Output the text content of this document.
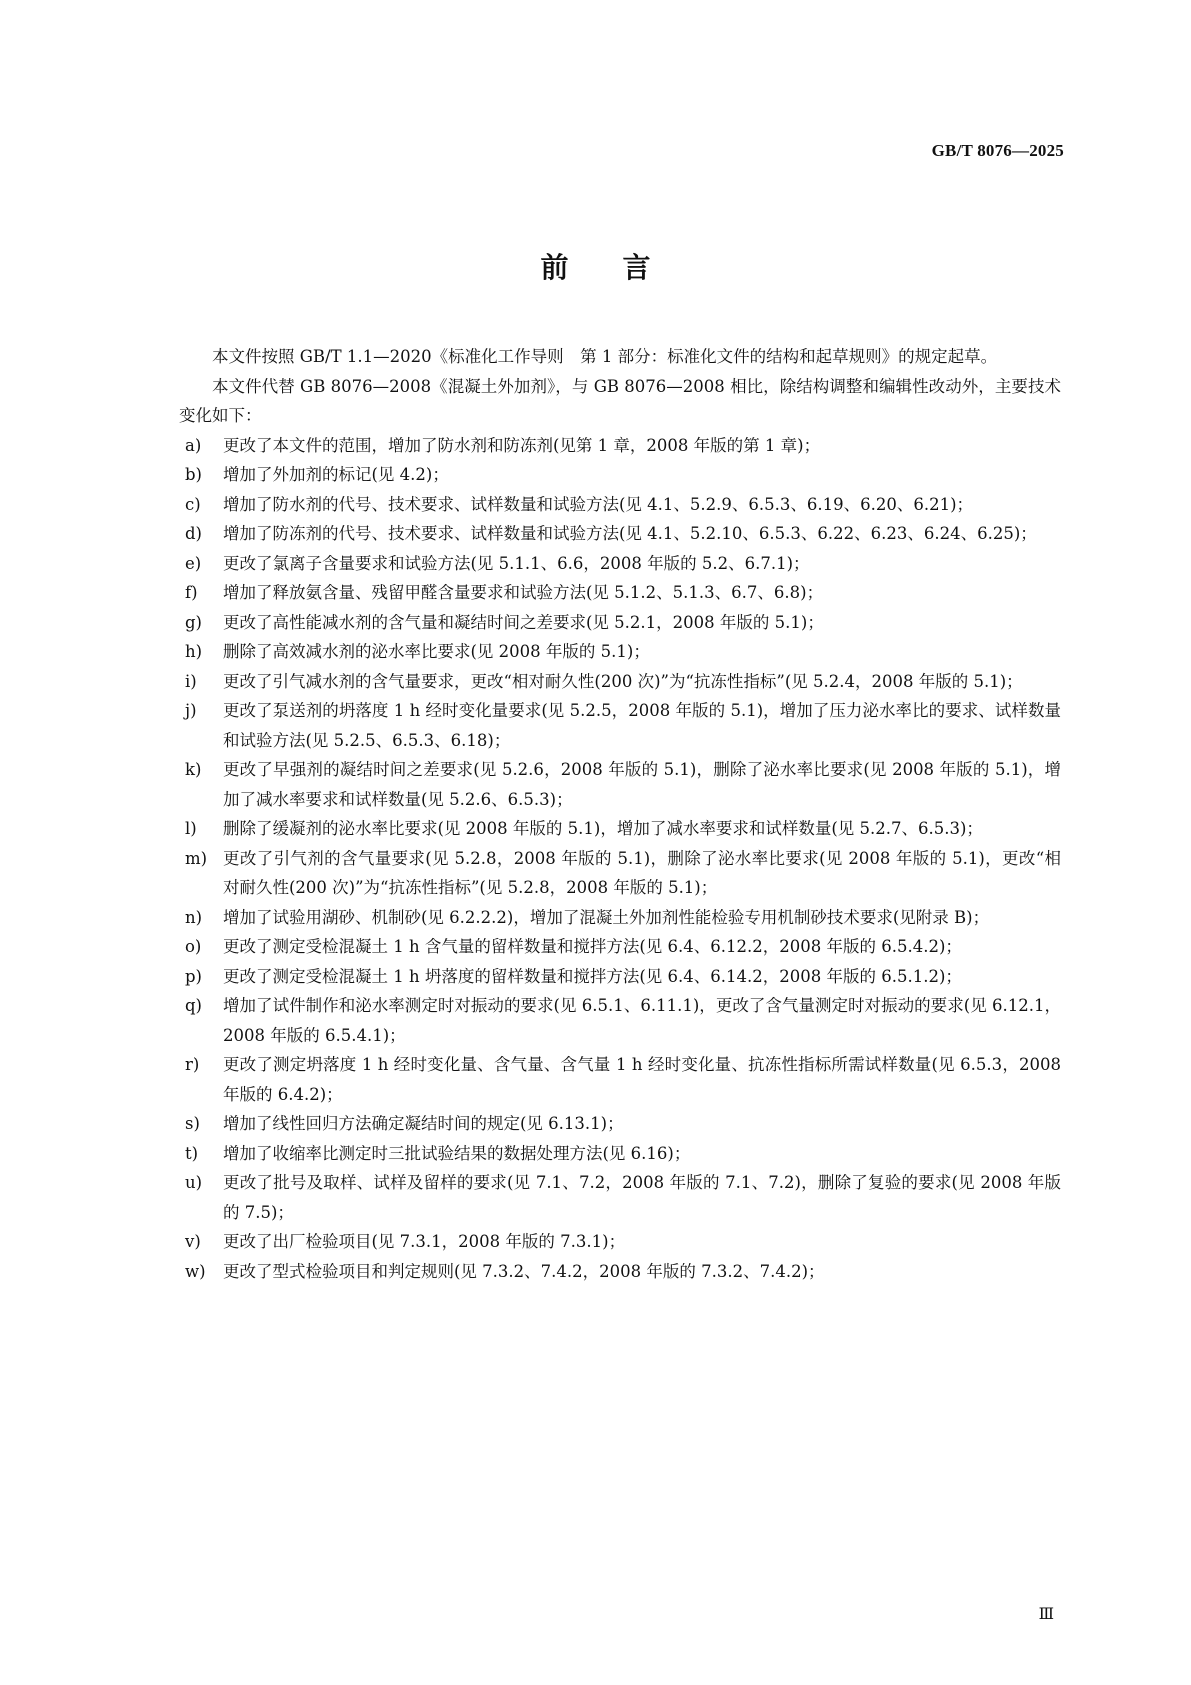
GB/T 8076—2025
前言

本文件按照 GB/T 1.1—2020《标准化工作导则　第 1 部分：标准化文件的结构和起草规则》的规定起草。

本文件代替 GB 8076—2008《混凝土外加剂》，与 GB 8076—2008 相比，除结构调整和编辑性改动外，主要技术变化如下：

a)	更改了本文件的范围，增加了防水剂和防冻剂(见第 1 章，2008 年版的第 1 章)；
b)	增加了外加剂的标记(见 4.2)；
c)	增加了防水剂的代号、技术要求、试样数量和试验方法(见 4.1、5.2.9、6.5.3、6.19、6.20、6.21)；
d)	增加了防冻剂的代号、技术要求、试样数量和试验方法(见 4.1、5.2.10、6.5.3、6.22、6.23、6.24、6.25)；
e)	更改了氯离子含量要求和试验方法(见 5.1.1、6.6，2008 年版的 5.2、6.7.1)；
f)	增加了释放氨含量、残留甲醛含量要求和试验方法(见 5.1.2、5.1.3、6.7、6.8)；
g)	更改了高性能减水剂的含气量和凝结时间之差要求(见 5.2.1，2008 年版的 5.1)；
h)	删除了高效减水剂的泌水率比要求(见 2008 年版的 5.1)；
i)	更改了引气减水剂的含气量要求，更改“相对耐久性(200 次)”为“抗冻性指标”(见 5.2.4，2008 年版的 5.1)；
j)	更改了泵送剂的坍落度 1 h 经时变化量要求(见 5.2.5，2008 年版的 5.1)，增加了压力泌水率比的要求、试样数量和试验方法(见 5.2.5、6.5.3、6.18)；
k)	更改了早强剂的凝结时间之差要求(见 5.2.6，2008 年版的 5.1)，删除了泌水率比要求(见 2008 年版的 5.1)，增加了减水率要求和试样数量(见 5.2.6、6.5.3)；
l)	删除了缓凝剂的泌水率比要求(见 2008 年版的 5.1)，增加了减水率要求和试样数量(见 5.2.7、6.5.3)；
m) 更改了引气剂的含气量要求(见 5.2.8，2008 年版的 5.1)，删除了泌水率比要求(见 2008 年版的 5.1)，更改“相对耐久性(200 次)”为“抗冻性指标”(见 5.2.8，2008 年版的 5.1)；
n)	增加了试验用湖砂、机制砂(见 6.2.2.2)，增加了混凝土外加剂性能检验专用机制砂技术要求(见附录 B)；
o)	更改了测定受检混凝土 1 h 含气量的留样数量和搅拌方法(见 6.4、6.12.2，2008 年版的 6.5.4.2)；
p)	更改了测定受检混凝土 1 h 坍落度的留样数量和搅拌方法(见 6.4、6.14.2，2008 年版的 6.5.1.2)；
q)	增加了试件制作和泌水率测定时对振动的要求(见 6.5.1、6.11.1)，更改了含气量测定时对振动的要求(见 6.12.1，2008 年版的 6.5.4.1)；
r)	更改了测定坍落度 1 h 经时变化量、含气量、含气量 1 h 经时变化量、抗冻性指标所需试样数量(见 6.5.3，2008 年版的 6.4.2)；
s)	增加了线性回归方法确定凝结时间的规定(见 6.13.1)；
t)	增加了收缩率比测定时三批试验结果的数据处理方法(见 6.16)；
u)	更改了批号及取样、试样及留样的要求(见 7.1、7.2，2008 年版的 7.1、7.2)，删除了复验的要求(见 2008 年版的 7.5)；
v)	更改了出厂检验项目(见 7.3.1，2008 年版的 7.3.1)；
w)	更改了型式检验项目和判定规则(见 7.3.2、7.4.2，2008 年版的 7.3.2、7.4.2)；
Ⅲ
